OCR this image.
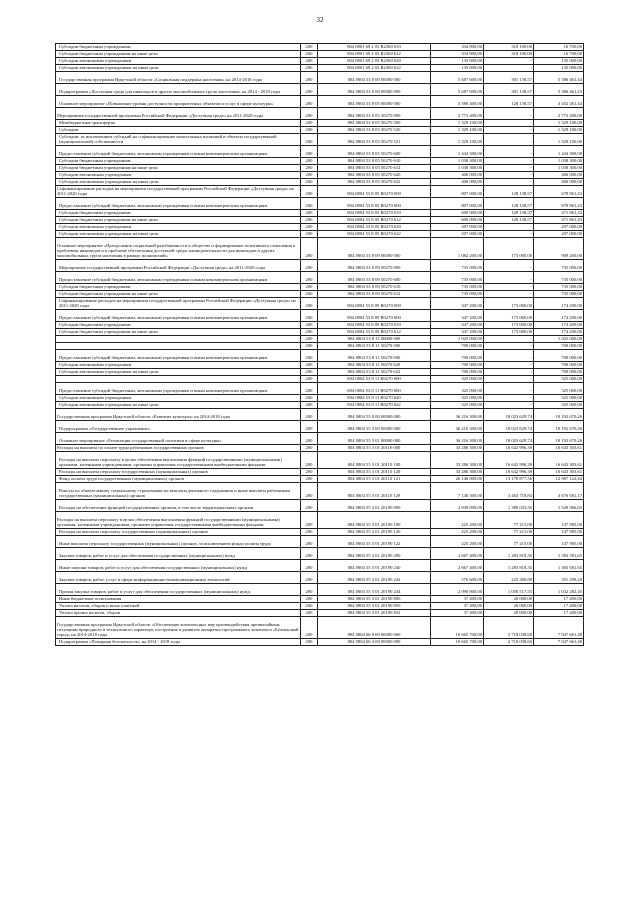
32
Субсидии бюджетным учреждениям	200	804 0801 69 2 03 R2360 610	334 800,00	318 100,00	16 700,00
Субсидии бюджетным учреждениям на иные цели	200	804 0801 69 2 03 R2360 612	334 800,00	318 100,00	16 700,00
Субсидии автономным учреждениям	200	804 0801 69 2 03 R2360 620	135 000,00	-	135 000,00
Субсидии автономным учреждениям на иные цели	200	804 0801 69 2 03 R2360 622	135 000,00	-	135 000,00
Государственная программа Иркутской области «Социальная поддержка населения» на 2014-2018 годы	200	804 0804 53 0 00 00000 000	5 687 600,00	301 138,57	5 386 461,43
Подпрограмма «Доступная среда для инвалидов и других маломобильных групп населения» на 2014 - 2018 годы	200	804 0804 53 8 00 00000 000	5 687 600,00	301 138,57	5 386 461,43
Основное мероприятие «Повышение уровня доступности приоритетных объектов и услуг в сфере культуры»	200	804 0804 53 8 05 00000 000	3 580 400,00	128 138,57	3 452 261,43
Мероприятия государственной программы Российской Федерации «Доступная среда» на 2011-2020 годы	200	804 0804 53 8 05 50270 000	2 773 400,00	-	2 773 400,00
Межбюджетные трансферты	200	804 0804 53 8 05 50270 500	1 329 100,00	-	1 329 100,00
Субсидии	200	804 0804 53 8 05 50270 520	1 329 100,00	-	1 329 100,00
Субсидии, за исключением субсидий на софинансирование капитальных вложений в объекты государственной (муниципальной) собственности	200	804 0804 53 8 05 50270 521	1 329 100,00	-	1 329 100,00
Предоставление субсидий бюджетным, автономным учреждениям и иным некоммерческим организациям	200	804 0804 53 8 05 50270 600	1 444 300,00	-	1 444 300,00
Субсидии бюджетным учреждениям	200	804 0804 53 8 05 50270 610	1 038 300,00	-	1 038 300,00
Субсидии бюджетным учреждениям на иные цели	200	804 0804 53 8 05 50270 612	1 038 300,00	-	1 038 300,00
Субсидии автономным учреждениям	200	804 0804 53 8 05 50270 620	406 000,00	-	406 000,00
Субсидии автономным учреждениям на иные цели	200	804 0804 53 8 05 50270 622	406 000,00	-	406 000,00
Софинансирование расходов на мероприятия государственной программы Российской Федерации «Доступная среда» на 2011-2020 годы	200	804 0804 53 8 05 R0270 000	807 000,00	128 138,57	678 861,43
Предоставление субсидий бюджетным, автономным учреждениям и иным некоммерческим организациям	200	804 0804 53 8 05 R0270 600	807 000,00	128 138,57	678 861,43
Субсидии бюджетным учреждениям	200	804 0804 53 8 05 R0270 610	600 000,00	128 138,57	471 861,43
Субсидии бюджетным учреждениям на иные цели	200	804 0804 53 8 05 R0270 612	600 000,00	128 138,57	471 861,43
Субсидии автономным учреждениям	200	804 0804 53 8 05 R0270 620	207 000,00	-	207 000,00
Субсидии автономным учреждениям на иные цели	200	804 0804 53 8 05 R0270 622	207 000,00	-	207 000,00
Основное мероприятие «Преодоление социальной разобщенности в обществе и формирование позитивного отношения к проблемам инвалидов и к проблеме обеспечения доступной среды жизнедеятельности для инвалидов и других маломобильных групп населения в рамках полномочий»	200	804 0804 53 8 09 00000 000	1 082 200,00	173 000,00	909 200,00
Мероприятия государственной программы Российской Федерации «Доступная среда» на 2011-2020 годы	200	804 0804 53 8 09 50270 000	735 000,00	-	735 000,00
Предоставление субсидий бюджетным, автономным учреждениям и иным некоммерческим организациям	200	804 0804 53 8 09 50270 600	735 000,00	-	735 000,00
Субсидии бюджетным учреждениям	200	804 0804 53 8 09 50270 610	735 000,00	-	735 000,00
Субсидии бюджетным учреждениям на иные цели	200	804 0804 53 8 09 50270 612	735 000,00	-	735 000,00
Софинансирование расходов на мероприятия государственной программы Российской Федерации «Доступная среда» на 2011-2020 годы	200	804 0804 53 8 09 R0270 000	347 200,00	173 000,00	174 200,00
Предоставление субсидий бюджетным, автономным учреждениям и иным некоммерческим организациям	200	804 0804 53 8 09 R0270 600	347 200,00	173 000,00	174 200,00
Субсидии бюджетным учреждениям	200	804 0804 53 8 09 R0270 610	347 200,00	173 000,00	174 200,00
Субсидии бюджетным учреждениям на иные цели	200	804 0804 53 8 09 R0270 612	347 200,00	173 000,00	174 200,00
	200	804 0804 53 8 11 00000 000	1 025 000,00	-	1 025 000,00
	200	804 0804 53 8 11 50270 000	700 000,00	-	700 000,00
Предоставление субсидий бюджетным, автономным учреждениям и иным некоммерческим организациям	200	804 0804 53 8 11 50270 600	700 000,00	-	700 000,00
Субсидии автономным учреждениям	200	804 0804 53 8 11 50270 620	700 000,00	-	700 000,00
Субсидии автономным учреждениям на иные цели	200	804 0804 53 8 11 50270 622	700 000,00	-	700 000,00
	200	804 0804 53 8 11 R0270 000	325 000,00	-	325 000,00
Предоставление субсидий бюджетным, автономным учреждениям и иным некоммерческим организациям	200	804 0804 53 8 11 R0270 600	325 000,00	-	325 000,00
Субсидии автономным учреждениям	200	804 0804 53 8 11 R0270 620	325 000,00	-	325 000,00
Субсидии автономным учреждениям на иные цели	200	804 0804 53 8 11 R0270 622	325 000,00	-	325 000,00
Государственная программа Иркутской области «Развитие культуры» на 2014-2018 годы	200	804 0804 55 0 00 00000 000	36 216 300,00	18 023 629,74	18 192 670,26
Подпрограмма «Государственное управление»	200	804 0804 55 3 00 00000 000	36 216 300,00	18 023 629,74	18 192 670,26
Основное мероприятие «Реализация государственной политики в сфере культуры»	200	804 0804 55 3 01 00000 000	36 216 300,00	18 023 629,74	18 192 670,26
Расходы на выплаты по оплате труда работников государственных органов	200	804 0804 55 3 01 20110 000	33 286 300,00	16 642 996,39	16 643 303,61
Расходы на выплаты персоналу в целях обеспечения выполнения функций государственными (муниципальными) органами, казенными учреждениями, органами управления государственными внебюджетными фондами	200	804 0804 55 3 01 20110 100	33 286 300,00	16 642 996,39	16 643 303,61
Расходы на выплаты персоналу государственных (муниципальных) органов	200	804 0804 55 3 01 20110 120	33 286 300,00	16 642 996,39	16 643 303,61
Фонд оплаты труда государственных (муниципальных) органов	200	804 0804 55 3 01 20110 121	26 146 000,00	13 178 877,56	12 967 122,44
Взносы по обязательному социальному страхованию на выплаты денежного содержания и иные выплаты работникам государственных (муниципальных) органов	200	804 0804 55 3 01 20110 129	7 140 300,00	3 463 718,83	3 676 581,17
Расходы на обеспечение функций государственных органов, в том числе территориальных органов	200	804 0804 55 3 01 20190 000	2 930 000,00	1 380 033,35	1 549 966,65
Расходы на выплаты персоналу в целях обеспечения выполнения функций государственными (муниципальными) органами, казенными учреждениями, органами управления государственными внебюджетными фондами	200	804 0804 55 3 01 20190 100	225 200,00	77 215,00	147 985,00
Расходы на выплаты персоналу государственных (муниципальных) органов	200	804 0804 55 3 01 20190 120	225 200,00	77 215,00	147 985,00
Иные выплаты персоналу государственных (муниципальных) органов, за исключением фонда оплаты труда	200	804 0804 55 3 01 20190 122	225 200,00	77 215,00	147 985,00
Закупка товаров, работ и услуг для обеспечения государственных (муниципальных) нужд	200	804 0804 55 3 01 20190 200	2 667 400,00	1 283 818,35	1 383 581,65
Иные закупки товаров, работ и услуг для обеспечения государственных (муниципальных) нужд	200	804 0804 55 3 01 20190 240	2 667 400,00	1 283 818,35	1 383 581,65
Закупка товаров, работ, услуг в сфере информационно-коммуникационных технологий	200	804 0804 55 3 01 20190 242	576 600,00	225 300,80	351 299,20
Прочая закупка товаров, работ и услуг для обеспечения государственных (муниципальных) нужд	200	804 0804 55 3 01 20190 244	2 090 800,00	1 058 517,55	1 032 282,45
Иные бюджетные ассигнования	200	804 0804 55 3 01 20190 800	37 400,00	20 000,00	17 400,00
Уплата налогов, сборов и иных платежей	200	804 0804 55 3 01 20190 850	37 400,00	20 000,00	17 400,00
Уплата прочих налогов, сборов	200	804 0804 55 3 01 20190 852	37 400,00	20 000,00	17 400,00
Государственная программа Иркутской области «Обеспечение комплексных мер противодействия чрезвычайным ситуациям природного и техногенного характера, построение и развитие аппаратно-программного комплекса «Безопасный город» на 2014-2018 годы	200	804 0804 66 0 00 00000 000	10 665 700,00	2 718 038,60	7 947 661,40
Подпрограмма «Пожарная безопасность» на 2014 - 2018 годы	200	804 0804 66 4 00 00000 000	10 665 700,00	2 718 038,60	7 947 661,40
